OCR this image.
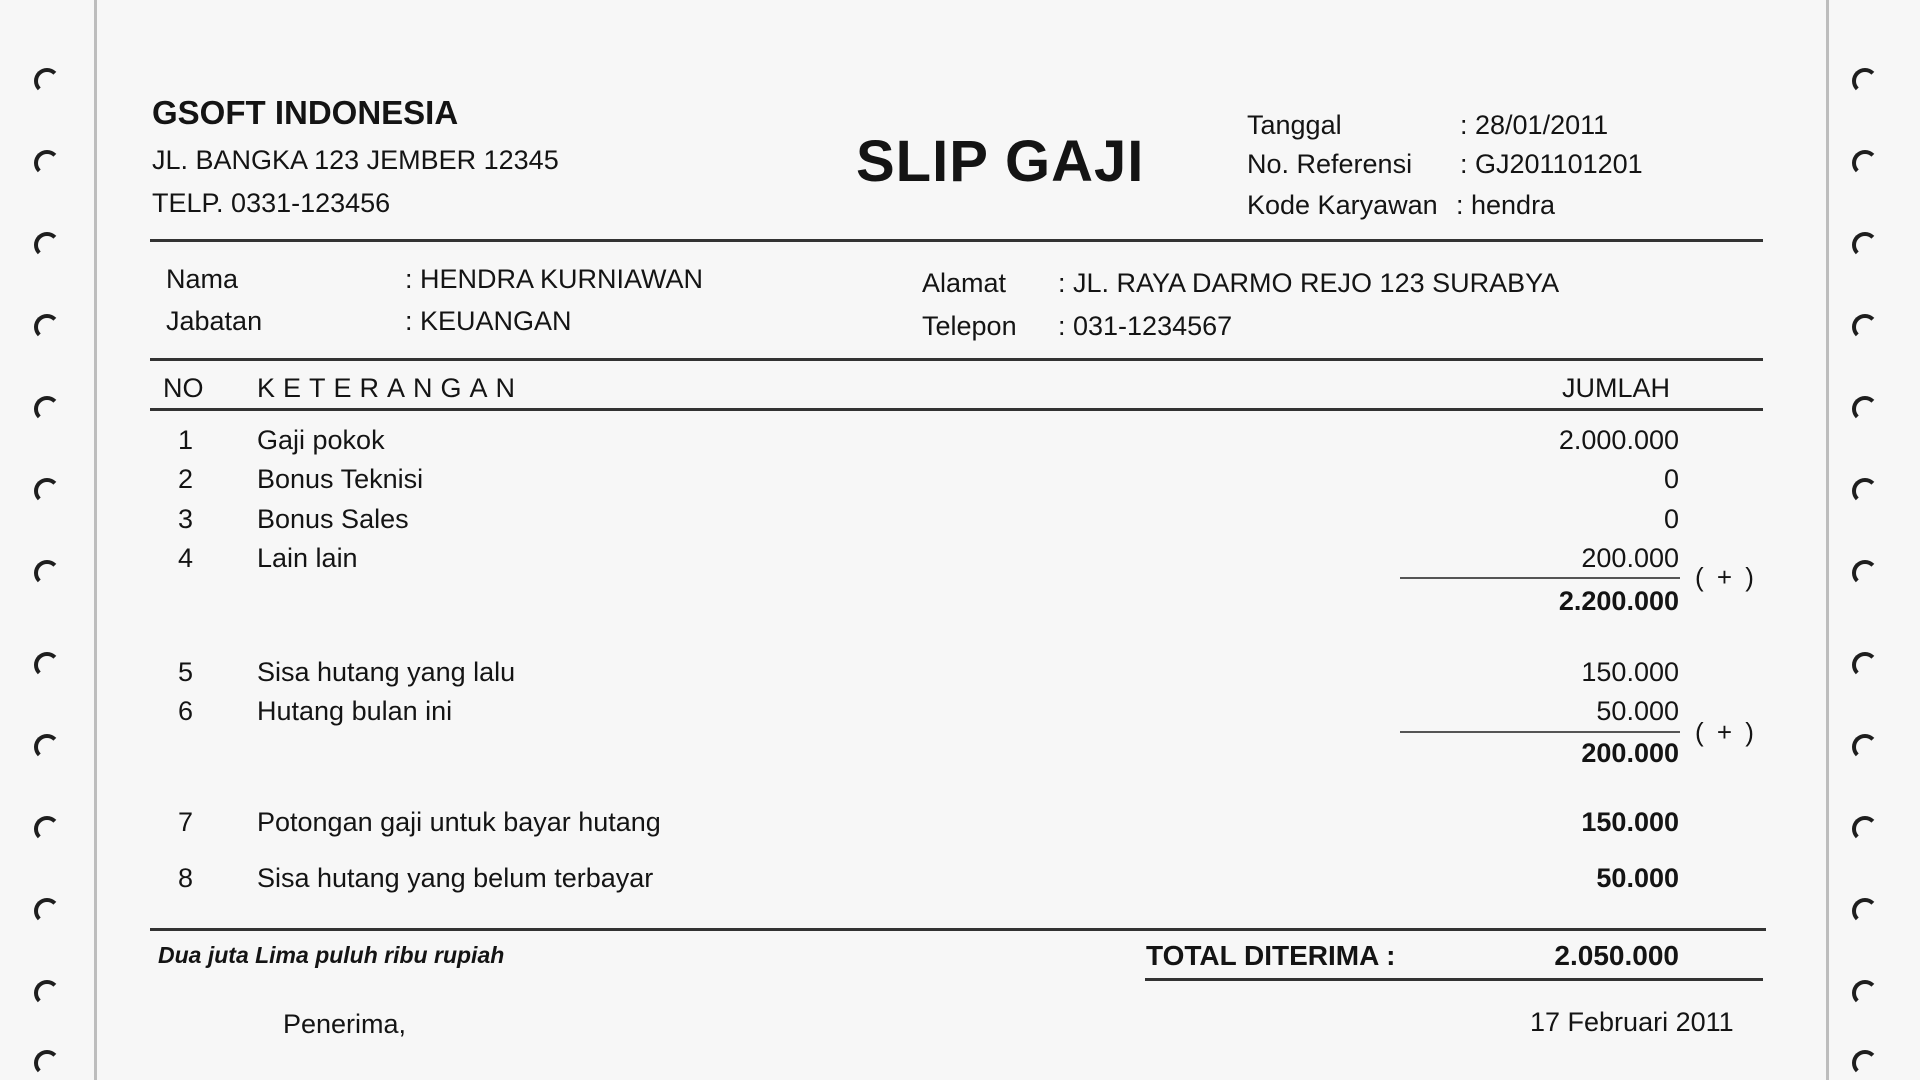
GSOFT INDONESIA
JL. BANGKA 123 JEMBER 12345
TELP. 0331-123456
SLIP GAJI
Tanggal	: 28/01/2011
No. Referensi : GJ201101201
Kode Karyawan : hendra
Nama	: HENDRA KURNIAWAN
Jabatan	: KEUANGAN
Alamat : JL. RAYA DARMO REJO 123 SURABYA
Telepon : 031-1234567
NO KETERANGAN	JUMLAH
1 Gaji pokok	2.000.000
2 Bonus Teknisi	0
3 Bonus Sales	0
4 Lain lain	200.000
( + )
2.200.000
5 Sisa hutang yang lalu	150.000
6 Hutang bulan ini	50.000
( + )
200.000
7 Potongan gaji untuk bayar hutang	150.000
8 Sisa hutang yang belum terbayar	50.000
Dua juta Lima puluh ribu rupiah	TOTAL DITERIMA :	2.050.000
Penerima,	17 Februari 2011
